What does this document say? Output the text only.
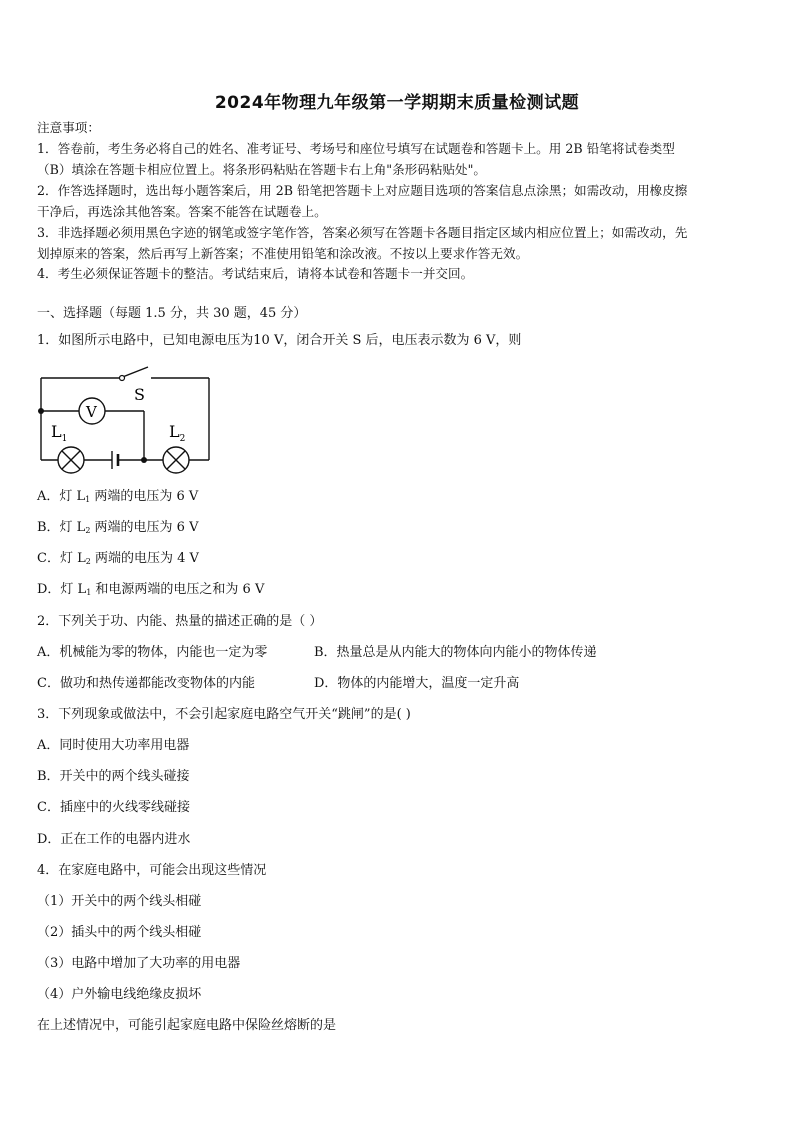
2024年物理九年级第一学期期末质量检测试题
注意事项：
1．答卷前，考生务必将自己的姓名、准考证号、考场号和座位号填写在试题卷和答题卡上。用 2B 铅笔将试卷类型
（B）填涂在答题卡相应位置上。将条形码粘贴在答题卡右上角"条形码粘贴处"。
2．作答选择题时，选出每小题答案后，用 2B 铅笔把答题卡上对应题目选项的答案信息点涂黑；如需改动，用橡皮擦
干净后，再选涂其他答案。答案不能答在试题卷上。
3．非选择题必须用黑色字迹的钢笔或签字笔作答，答案必须写在答题卡各题目指定区域内相应位置上；如需改动，先
划掉原来的答案，然后再写上新答案；不准使用铅笔和涂改液。不按以上要求作答无效。
4．考生必须保证答题卡的整洁。考试结束后，请将本试卷和答题卡一并交回。
一、选择题（每题 1.5 分，共 30 题，45 分）
1．如图所示电路中，已知电源电压为10 V，闭合开关 S 后，电压表示数为 6 V，则
S
V
$L_1$	$L_2$
A．灯 $L_1$ 两端的电压为 6 V
B．灯 $L_2$ 两端的电压为 6 V
C．灯 $L_2$ 两端的电压为 4 V
D．灯 $L_1$ 和电源两端的电压之和为 6 V
2．下列关于功、内能、热量的描述正确的是（ ）
A．机械能为零的物体，内能也一定为零	B．热量总是从内能大的物体向内能小的物体传递
C．做功和热传递都能改变物体的内能	D．物体的内能增大，温度一定升高
3．下列现象或做法中，不会引起家庭电路空气开关“跳闸”的是( )
A．同时使用大功率用电器
B．开关中的两个线头碰接
C．插座中的火线零线碰接
D．正在工作的电器内进水
4．在家庭电路中，可能会出现这些情况
（1）开关中的两个线头相碰
（2）插头中的两个线头相碰
（3）电路中增加了大功率的用电器
（4）户外输电线绝缘皮损坏
在上述情况中，可能引起家庭电路中保险丝熔断的是
